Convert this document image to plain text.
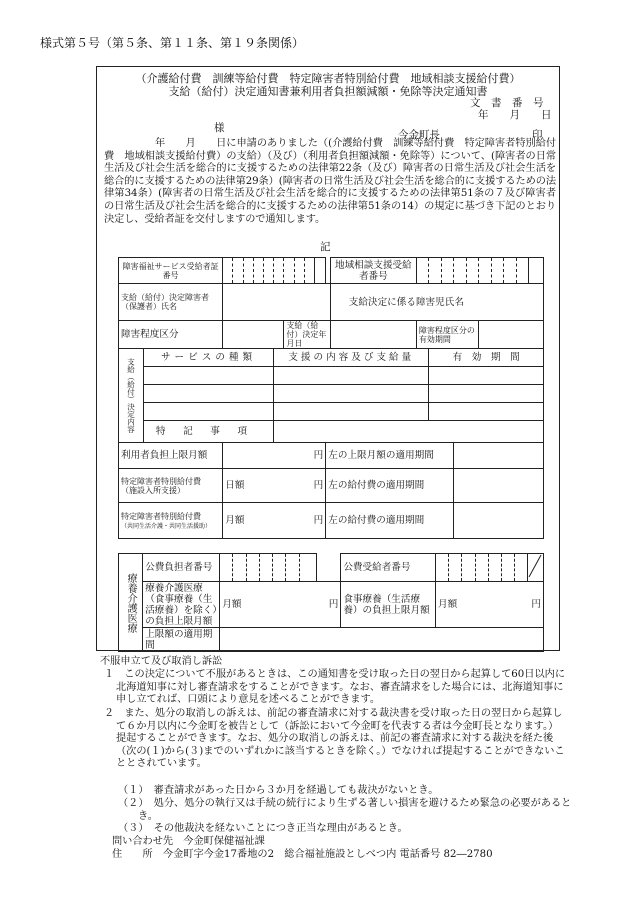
様式第５号（第５条、第１１条、第１９条関係）
（介護給付費　訓練等給付費　特定障害者特別給付費　地域相談支援給付費）
支給（給付）決定通知書兼利用者負担額減額・免除等決定通知書
文　書　番　号
年　　月　　日
様
今金町長	印
年　　月　　日に申請のありました（(介護給付費　訓練等給付費　特定障害者特別給付費　地域相談支援給付費）の支給）（及び）（利用者負担額減額・免除等）について、(障害者の日常生活及び社会生活を総合的に支援するための法律第22条（及び）障害者の日常生活及び社会生活を総合的に支援するための法律第29条）(障害者の日常生活及び社会生活を総合的に支援するための法律第34条）(障害者の日常生活及び社会生活を総合的に支援するための法律第51条の７及び障害者の日常生活及び社会生活を総合的に支援するための法律第51条の14）の規定に基づき下記のとおり決定し、受給者証を交付しますので通知します。
記
障害福祉サービス受給者証番号													地域相談支援受給者番号										
支給（給付）決定障害者（保護者）氏名													支給決定に係る障害児氏名										
障害程度区分								支給（給付）決定年月日						障害程度区分の有効期間									

支給（給付）決定内容	サービスの種類						支援の内容及び支給量								有　効　期　間								

	特　記　事　項																						
利用者負担上限月額		円										左の上限月額の適用期間											
特定障害者特別給付費
（施設入所支援）		日額 円										左の給付費の適用期間											
特定障害者特別給付費
（共同生活介護・共同生活援助）		月額 円										左の給付費の適用期間											
療養介護医療	公費負担者番号									公費受給者番号								
	療養介護医療（食事療養（生活療養）を除く）の負担上限月額	月額 円								食事療養（生活療養）の負担上限月額	月額 円							

	上限額の適用期間																	
不服申立て及び取消し訴訟
１　この決定について不服があるときは、この通知書を受け取った日の翌日から起算して60日以内に北海道知事に対し審査請求をすることができます。なお、審査請求をした場合には、北海道知事に申し立てれば、口頭により意見を述べることができます。
２　また、処分の取消しの訴えは、前記の審査請求に対する裁決書を受け取った日の翌日から起算して６か月以内に今金町を被告として（訴訟において今金町を代表する者は今金町長となります。）提起することができます。なお、処分の取消しの訴えは、前記の審査請求に対する裁決を経た後（次の(１)から(３)までのいずれかに該当するときを除く。）でなければ提起することができないこととされています。
（１）　審査請求があった日から３か月を経過しても裁決がないとき。
（２）　処分、処分の執行又は手続の続行により生ずる著しい損害を避けるため緊急の必要があるとき。
（３）　その他裁決を経ないことにつき正当な理由があるとき。
問い合わせ先　今金町保健福祉課
住　　所　今金町字今金17番地の2　総合福祉施設としべつ内 電話番号 82―2780
